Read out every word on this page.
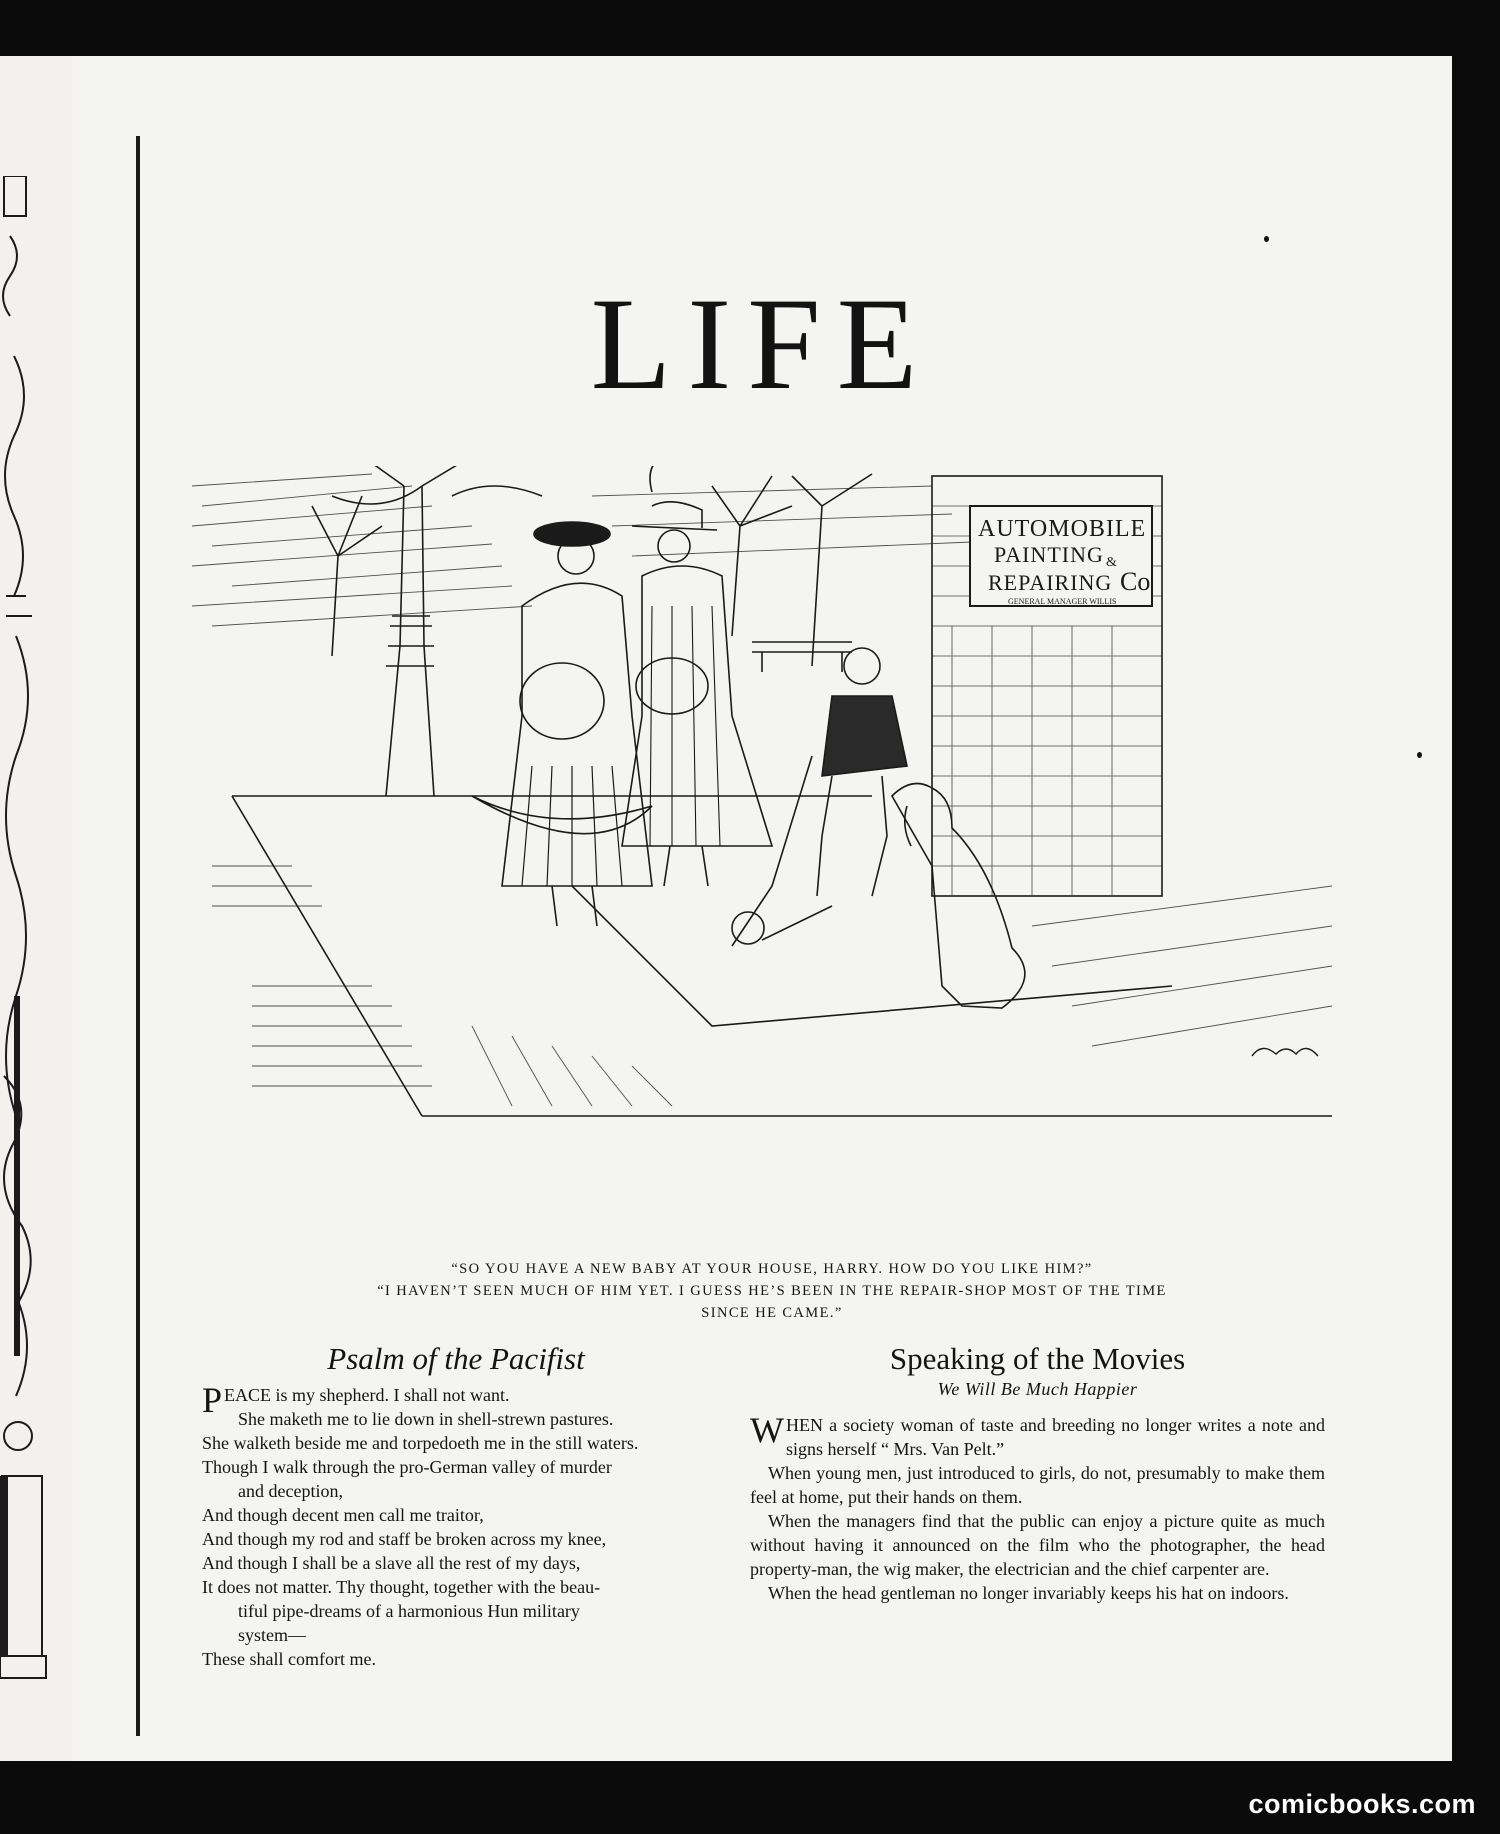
LIFE
AUTOMOBILE
PAINTING &
REPAIRING Co
GENERAL MANAGER WILLIS
“SO YOU HAVE A NEW BABY AT YOUR HOUSE, HARRY. HOW DO YOU LIKE HIM?”
“I HAVEN’T SEEN MUCH OF HIM YET. I GUESS HE’S BEEN IN THE REPAIR-SHOP MOST OF THE TIME
SINCE HE CAME.”
Psalm of the Pacifist
PEACE is my shepherd. I shall not want.
She maketh me to lie down in shell-strewn pastures.
She walketh beside me and torpedoeth me in the still waters.
Though I walk through the pro-German valley of murder
and deception,
And though decent men call me traitor,
And though my rod and staff be broken across my knee,
And though I shall be a slave all the rest of my days,
It does not matter. Thy thought, together with the beau-
tiful pipe-dreams of a harmonious Hun military
system—
These shall comfort me.
Speaking of the Movies
We Will Be Much Happier

WHEN a society woman of taste and breeding no longer writes a note and signs herself “ Mrs. Van Pelt.”

When young men, just introduced to girls, do not, presumably to make them feel at home, put their hands on them.

When the managers find that the public can enjoy a picture quite as much without having it announced on the film who the photographer, the head property-man, the wig maker, the electrician and the chief carpenter are.

When the head gentleman no longer invariably keeps his hat on indoors.

comicbooks.com
